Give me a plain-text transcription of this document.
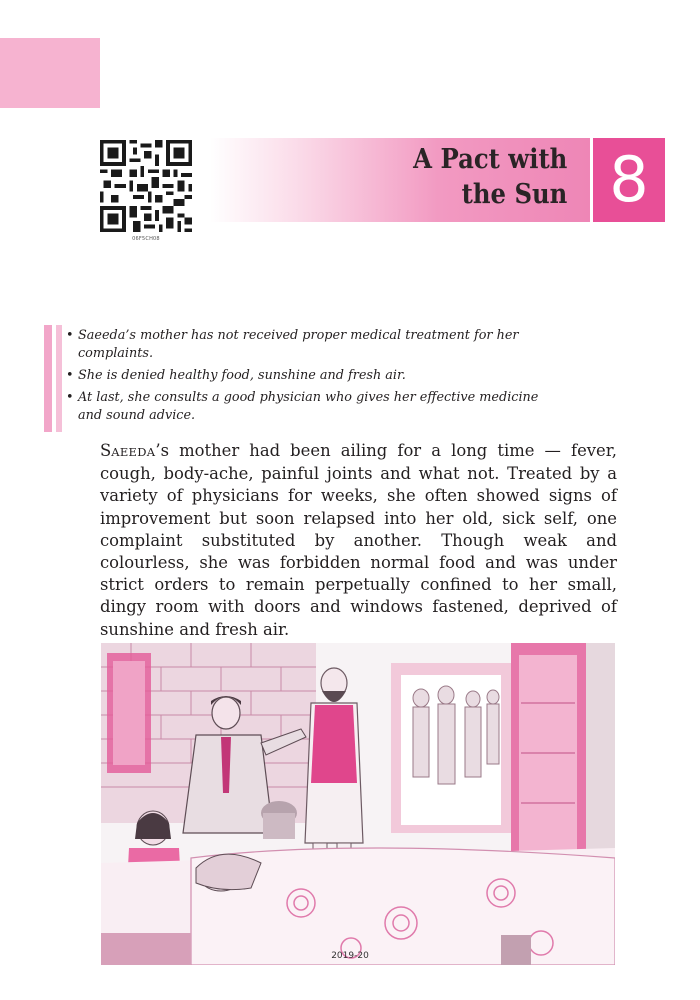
06F5CH08
A Pact with
the Sun 8
• Saeeda’s mother has not received proper medical treatment for her complaints.
• She is denied healthy food, sunshine and fresh air.
• At last, she consults a good physician who gives her effective medicine and sound advice.
SAEEDA’s mother had been ailing for a long time — fever, cough, body-ache, painful joints and what not. Treated by a variety of physicians for weeks, she often showed signs of improvement but soon relapsed into her old, sick self, one complaint substituted by another. Though weak and colourless, she was forbidden normal food and was under strict orders to remain perpetually confined to her small, dingy room with doors and windows fastened, deprived of sunshine and fresh air.
2019-20
